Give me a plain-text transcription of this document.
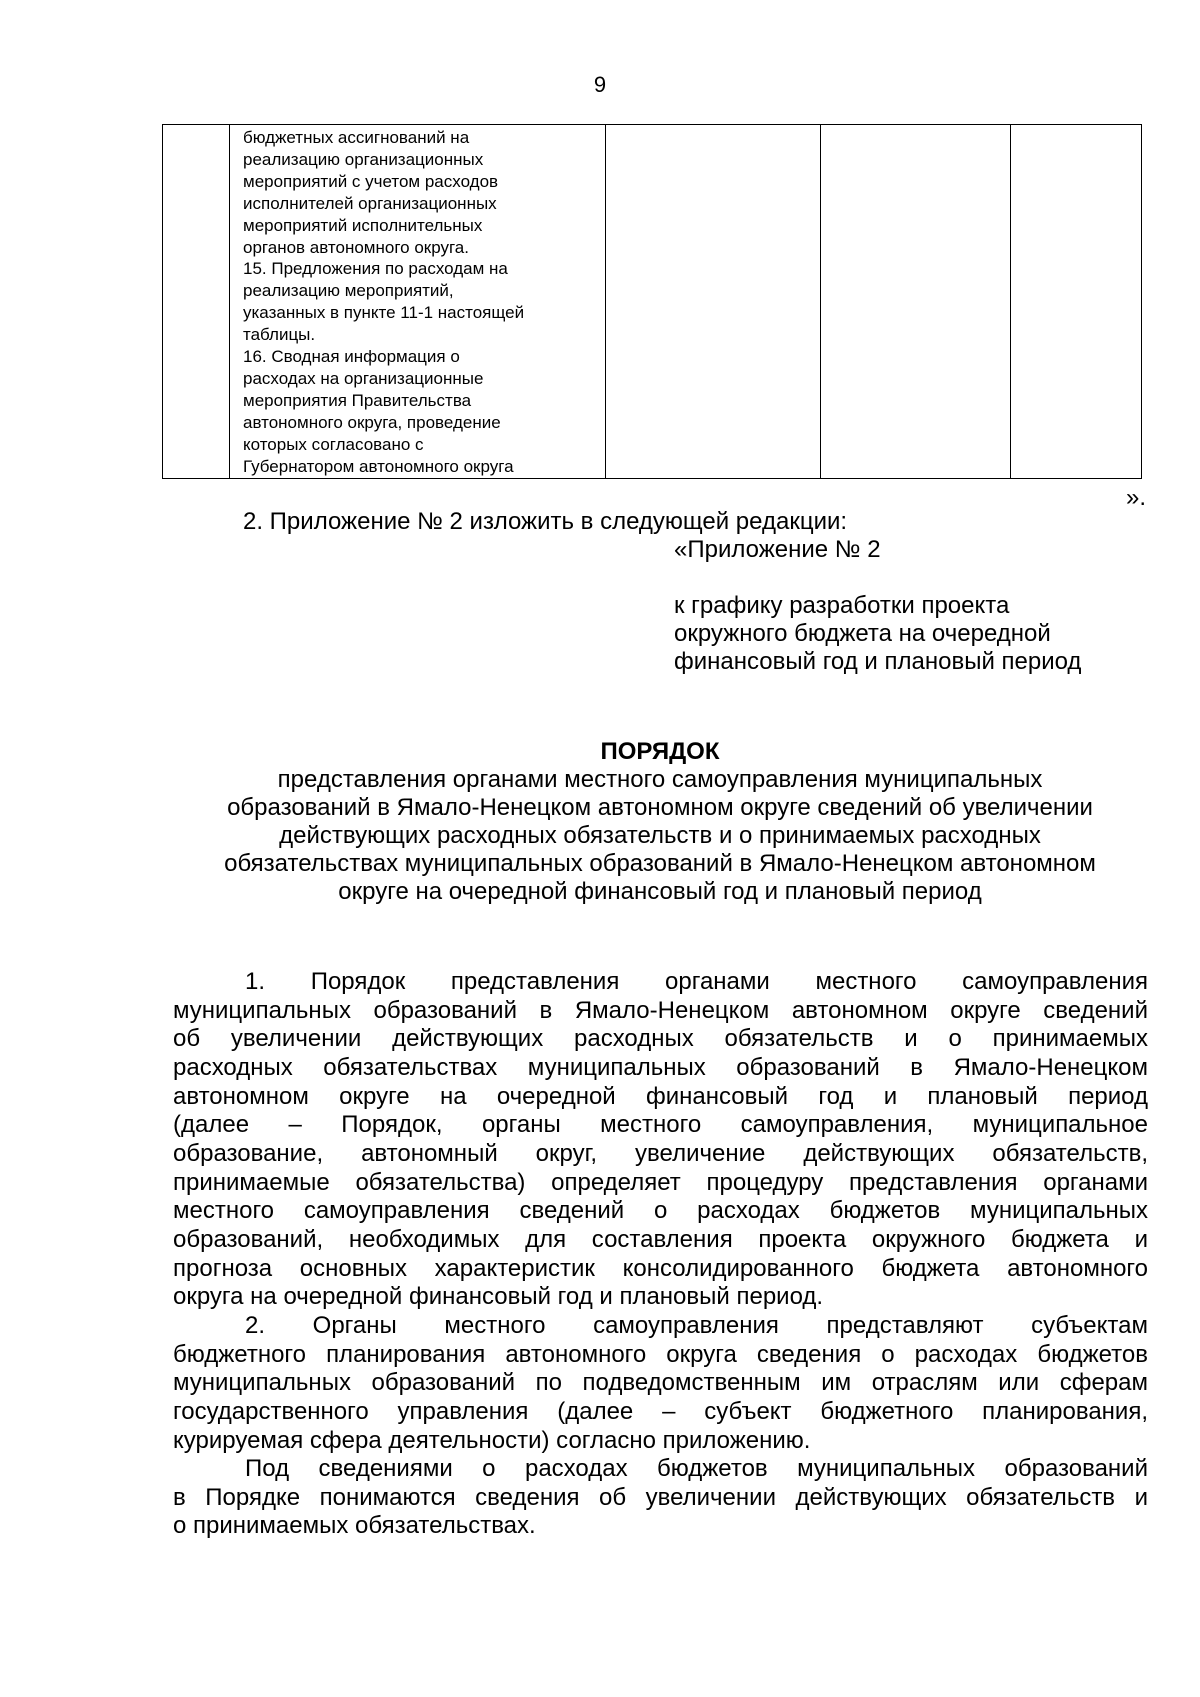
9

бюджетных ассигнований на
реализацию организационных
мероприятий с учетом расходов
исполнителей организационных
мероприятий исполнительных
органов автономного округа.
15. Предложения по расходам на
реализацию мероприятий,
указанных в пункте 11-1 настоящей
таблицы.
16. Сводная информация о
расходах на организационные
мероприятия Правительства
автономного округа, проведение
которых согласовано с
Губернатором автономного округа

».
2. Приложение № 2 изложить в следующей редакции:
«Приложение № 2
к графику разработки проекта
окружного бюджета на очередной
финансовый год и плановый период
ПОРЯДОК
представления органами местного самоуправления муниципальных
образований в Ямало-Ненецком автономном округе сведений об увеличении
действующих расходных обязательств и о принимаемых расходных
обязательствах муниципальных образований в Ямало-Ненецком автономном
округе на очередной финансовый год и плановый период
1. Порядок представления органами местного самоуправления
муниципальных образований в Ямало-Ненецком автономном округе сведений
об увеличении действующих расходных обязательств и о принимаемых
расходных обязательствах муниципальных образований в Ямало-Ненецком
автономном округе на очередной финансовый год и плановый период
(далее – Порядок, органы местного самоуправления, муниципальное
образование, автономный округ, увеличение действующих обязательств,
принимаемые обязательства) определяет процедуру представления органами
местного самоуправления сведений о расходах бюджетов муниципальных
образований, необходимых для составления проекта окружного бюджета и
прогноза основных характеристик консолидированного бюджета автономного
округа на очередной финансовый год и плановый период.
2. Органы местного самоуправления представляют субъектам
бюджетного планирования автономного округа сведения о расходах бюджетов
муниципальных образований по подведомственным им отраслям или сферам
государственного управления (далее – субъект бюджетного планирования,
курируемая сфера деятельности) согласно приложению.
Под сведениями о расходах бюджетов муниципальных образований
в Порядке понимаются сведения об увеличении действующих обязательств и
о принимаемых обязательствах.
